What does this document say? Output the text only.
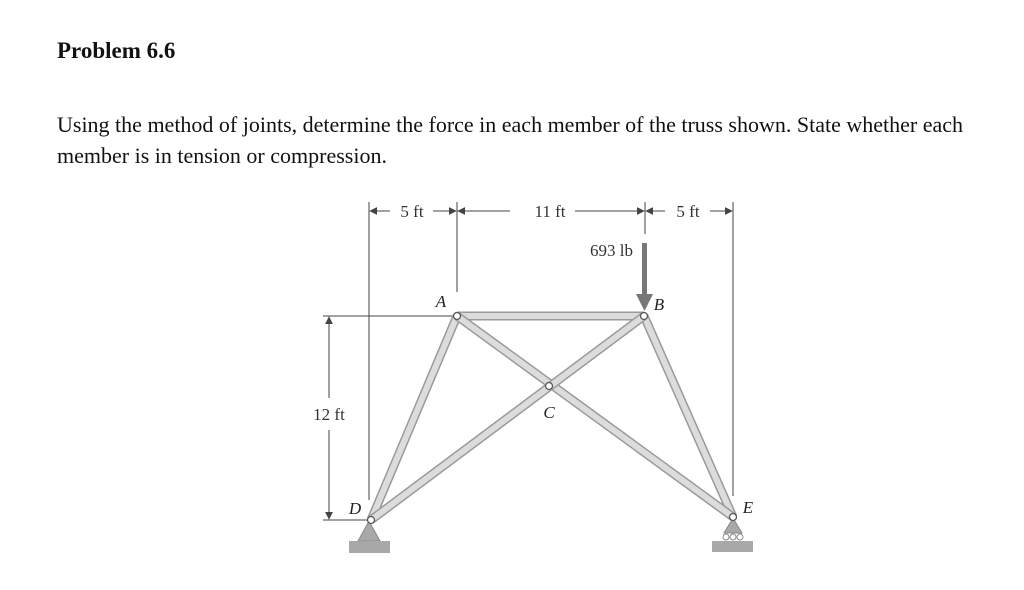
Problem 6.6

Using the method of joints, determine the force in each member of the truss shown. State whether each member is in tension or compression.

5 ft	11 ft	5 ft
12 ft
693 lb
A	B
C
D	E
